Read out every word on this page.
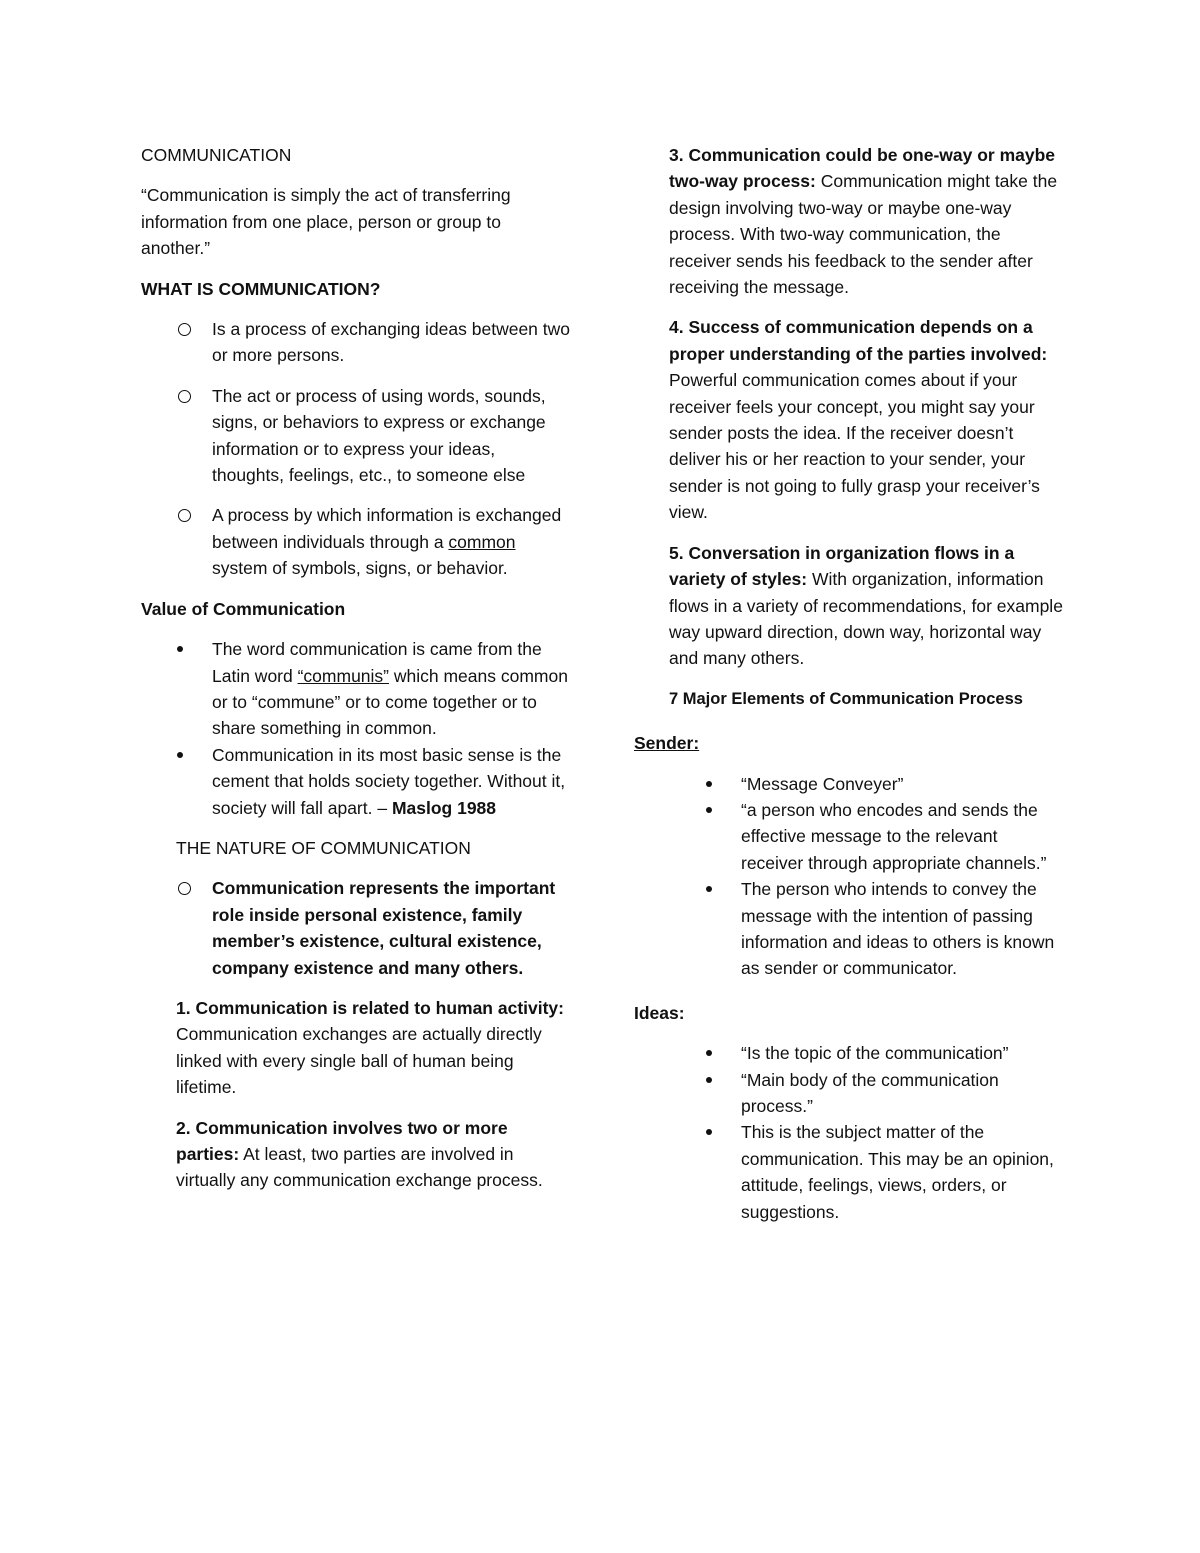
COMMUNICATION

“Communication is simply the act of transferring information from one place, person or group to another.”

WHAT IS COMMUNICATION?

Is a process of exchanging ideas between two or more persons.
The act or process of using words, sounds, signs, or behaviors to express or exchange information or to express your ideas, thoughts, feelings, etc., to someone else
A process by which information is exchanged between individuals through a common system of symbols, signs, or behavior.

Value of Communication

The word communication is came from the Latin word “communis” which means common or to “commune” or to come together or to share something in common.
Communication in its most basic sense is the cement that holds society together. Without it, society will fall apart. – Maslog 1988

THE NATURE OF COMMUNICATION

Communication represents the important role inside personal existence, family member’s existence, cultural existence, company existence and many others.

1. Communication is related to human activity: Communication exchanges are actually directly linked with every single ball of human being lifetime.

2. Communication involves two or more parties: At least, two parties are involved in virtually any communication exchange process.

3. Communication could be one-way or maybe two-way process: Communication might take the design involving two-way or maybe one-way process. With two-way communication, the receiver sends his feedback to the sender after receiving the message.

4. Success of communication depends on a proper understanding of the parties involved: Powerful communication comes about if your receiver feels your concept, you might say your sender posts the idea. If the receiver doesn’t deliver his or her reaction to your sender, your sender is not going to fully grasp your receiver’s view.

5. Conversation in organization flows in a variety of styles: With organization, information flows in a variety of recommendations, for example way upward direction, down way, horizontal way and many others.

7 Major Elements of Communication Process

Sender:

“Message Conveyer”
“a person who encodes and sends the effective message to the relevant receiver through appropriate channels.”
The person who intends to convey the message with the intention of passing information and ideas to others is known as sender or communicator.

Ideas:

“Is the topic of the communication”
“Main body of the communication process.”
This is the subject matter of the communication. This may be an opinion, attitude, feelings, views, orders, or suggestions.
